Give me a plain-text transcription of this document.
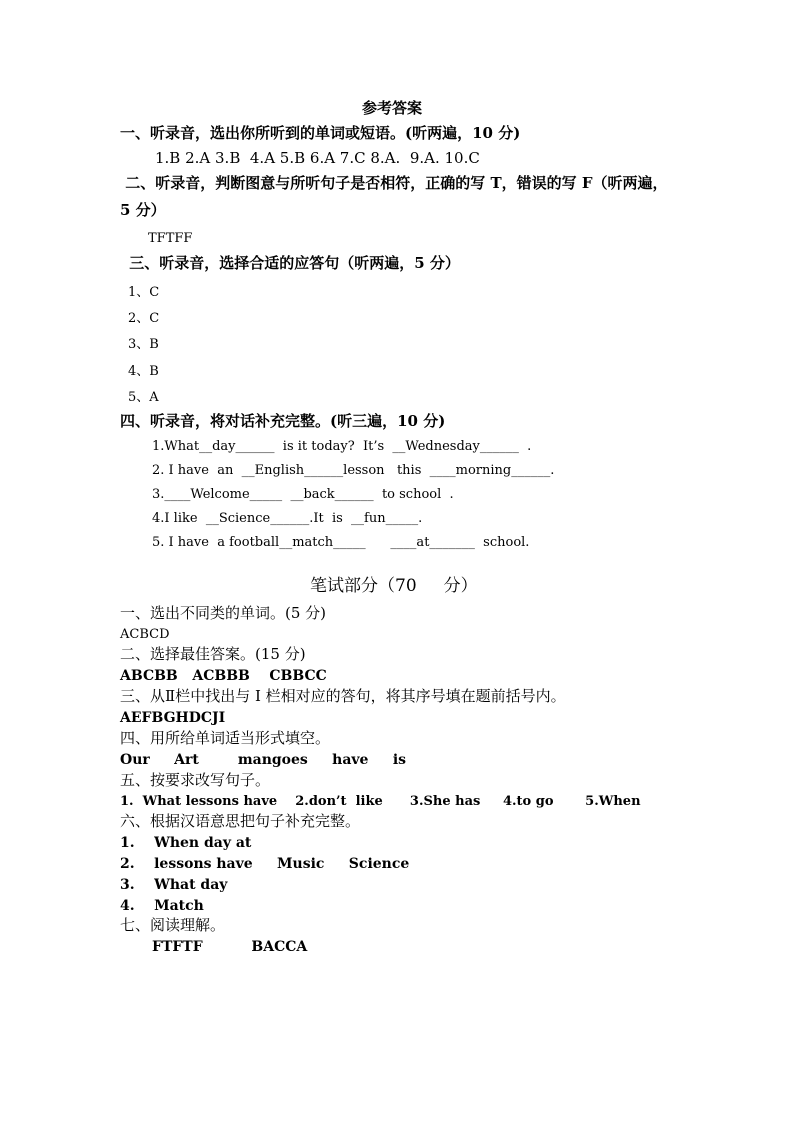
参考答案
一、听录音，选出你所听到的单词或短语。(听两遍，10 分)
1.B 2.A 3.B  4.A 5.B 6.A 7.C 8.A.  9.A. 10.C
二、听录音，判断图意与所听句子是否相符，正确的写 T，错误的写 F（听两遍，
5 分）
TFTFF
三、听录音，选择合适的应答句（听两遍，5 分）
1、C
2、C
3、B
4、B
5、A
四、听录音，将对话补充完整。(听三遍，10 分)
1.What__day______  is it today?  It’s  __Wednesday______  .
2. I have  an  __English______lesson   this  ____morning______.
3.____Welcome_____  __back______  to school  .
4.I like  __Science______.It  is  __fun_____.
5. I have  a football__match_____      ____at_______  school.
笔试部分（70     分）
一、选出不同类的单词。(5 分)
ACBCD
二、选择最佳答案。(15 分)
ABCBB   ACBBB    CBBCC
三、从Ⅱ栏中找出与 I 栏相对应的答句，将其序号填在题前括号内。
AEFBGHDCJI
四、用所给单词适当形式填空。
Our     Art        mangoes     have     is
五、按要求改写句子。
1.  What lessons have    2.don’t  like      3.She has     4.to go       5.When
六、根据汉语意思把句子补充完整。
1.    When day at
2.    lessons have     Music     Science
3.    What day
4.    Match
七、阅读理解。
FTFTF          BACCA
